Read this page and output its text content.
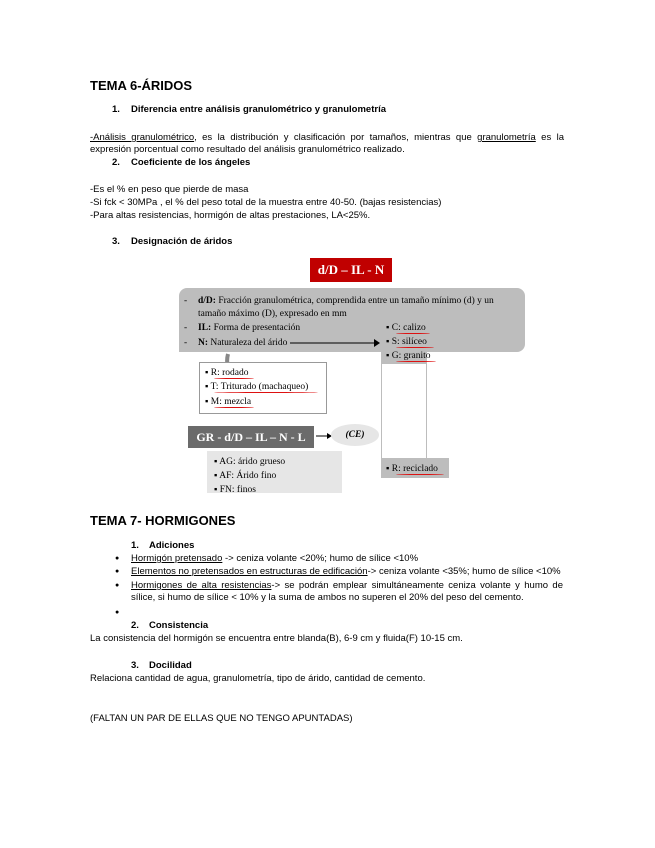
TEMA 6-ÁRIDOS
1. Diferencia entre análisis granulométrico y granulometría
-Análisis granulométrico, es la distribución y clasificación por tamaños, mientras que granulometría es la expresión porcentual como resultado del análisis granulométrico realizado.
2. Coeficiente de los ángeles
-Es el % en peso que pierde de masa
-Si fck < 30MPa , el % del peso total de la muestra entre 40-50. (bajas resistencias)
-Para altas resistencias, hormigón de altas prestaciones, LA<25%.
3. Designación de áridos
d/D – IL - N
- d/D: Fracción granulométrica, comprendida entre un tamaño mínimo (d) y un
tamaño máximo (D), expresado en mm
- IL: Forma de presentación
- N: Naturaleza del árido
▪ C: calizo
▪ S: silíceo
▪ G: granito
▪ R: reciclado
▪ R: rodado
▪ T: Triturado (machaqueo)
▪ M: mezcla
GR - d/D – IL – N - L	(CE)
▪ AG: árido grueso
▪ AF: Árido fino
▪ FN: finos
TEMA 7- HORMIGONES
1. Adiciones
● Hormigón pretensado -> ceniza volante <20%; humo de sílice <10%
● Elementos no pretensados en estructuras de edificación-> ceniza volante <35%; humo de sílice <10%
● Hormigones de alta resistencias-> se podrán emplear simultáneamente ceniza volante y humo de sílice, si humo de sílice < 10% y la suma de ambos no superen el 20% del peso del cemento.
2. Consistencia
La consistencia del hormigón se encuentra entre blanda(B), 6-9 cm y fluida(F) 10-15 cm.
3. Docilidad
Relaciona cantidad de agua, granulometría, tipo de árido, cantidad de cemento.
(FALTAN UN PAR DE ELLAS QUE NO TENGO APUNTADAS)
